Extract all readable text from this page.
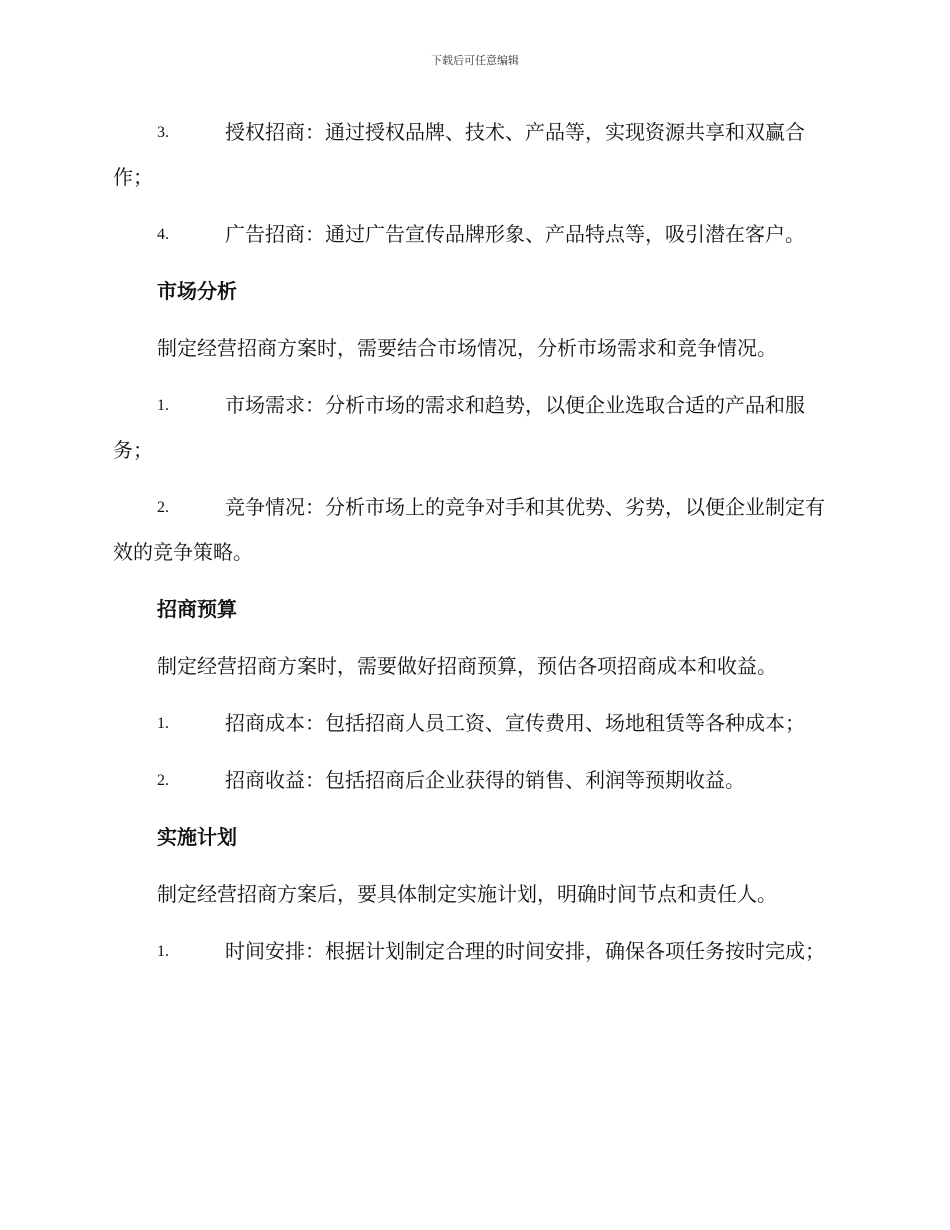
下载后可任意编辑
3.	授权招商：通过授权品牌、技术、产品等，实现资源共享和双赢合作；
4.	广告招商：通过广告宣传品牌形象、产品特点等，吸引潜在客户。
市场分析
制定经营招商方案时，需要结合市场情况，分析市场需求和竞争情况。
1.	市场需求：分析市场的需求和趋势，以便企业选取合适的产品和服务；
2.	竞争情况：分析市场上的竞争对手和其优势、劣势，以便企业制定有效的竞争策略。
招商预算
制定经营招商方案时，需要做好招商预算，预估各项招商成本和收益。
1.	招商成本：包括招商人员工资、宣传费用、场地租赁等各种成本；
2.	招商收益：包括招商后企业获得的销售、利润等预期收益。
实施计划
制定经营招商方案后，要具体制定实施计划，明确时间节点和责任人。
1.	时间安排：根据计划制定合理的时间安排，确保各项任务按时完成；
